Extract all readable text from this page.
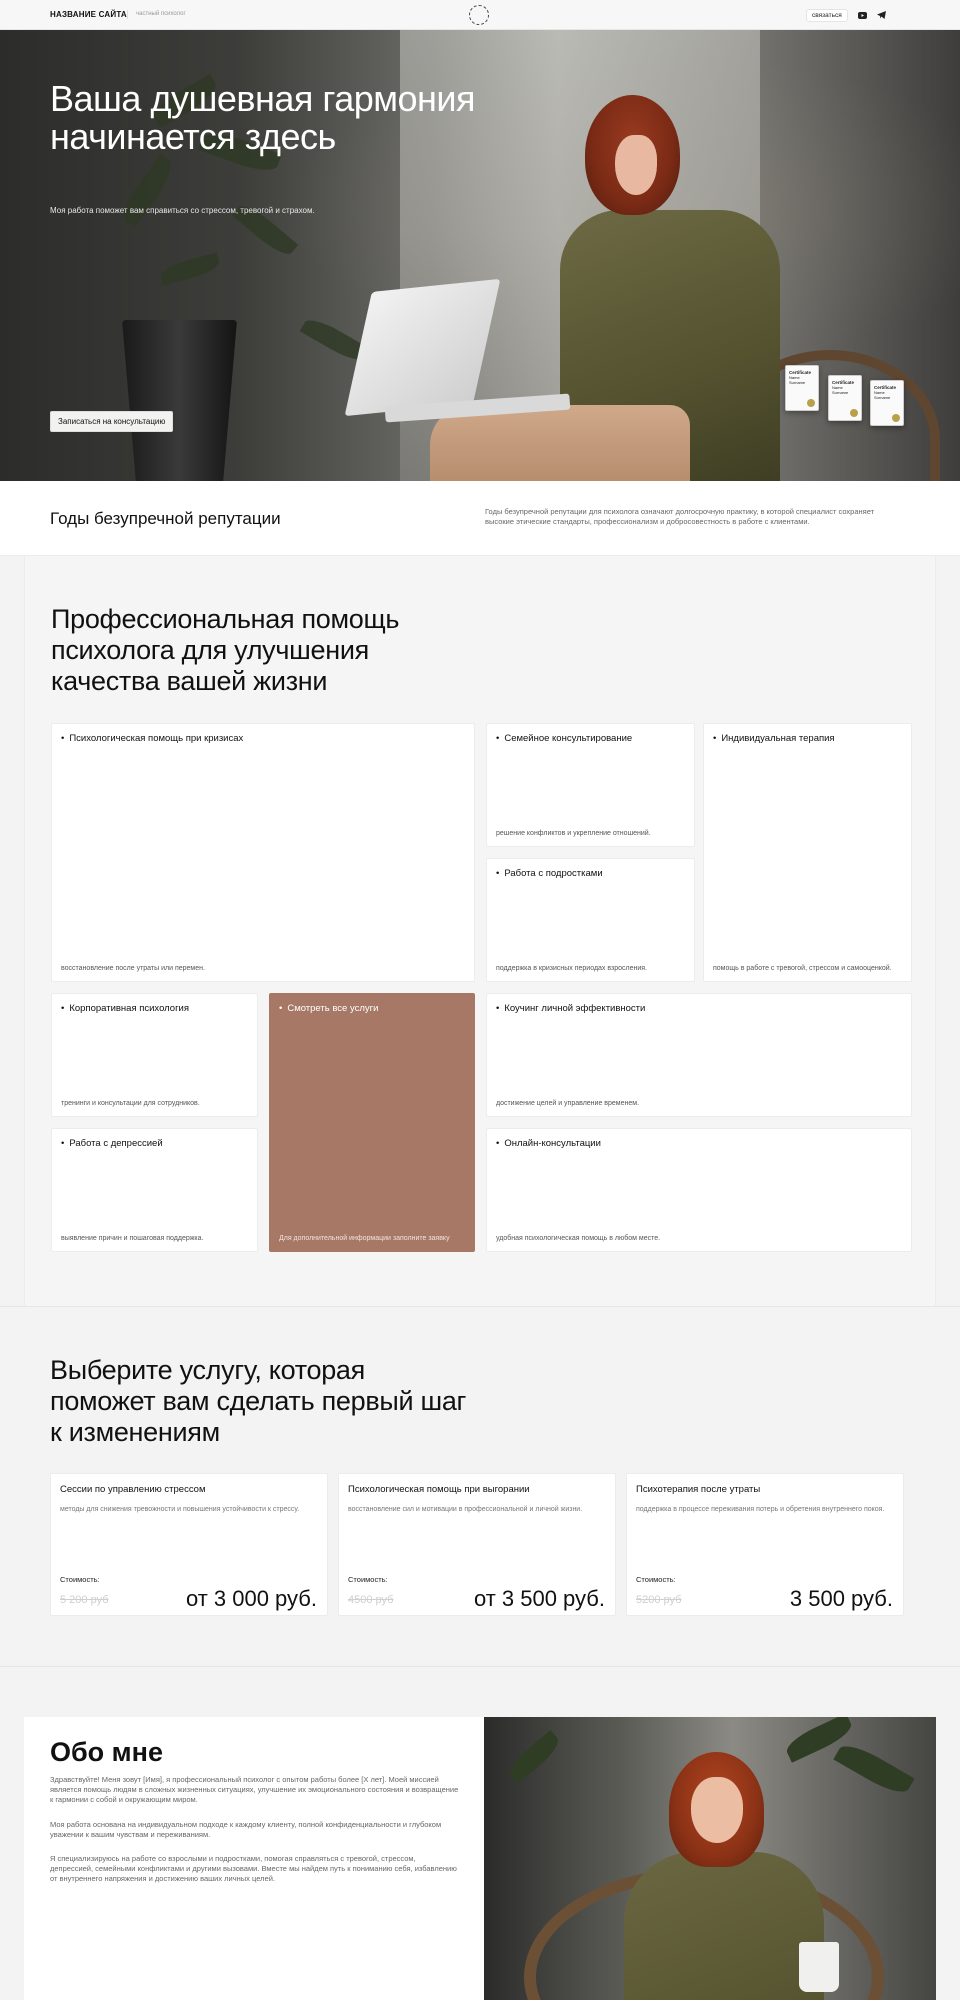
НАЗВАНИЕ САЙТА	частный психолог	связаться
Certificate
Name Surname	Certificate
Name Surname
Certificate
Name Surname
Ваша душевная гармония начинается здесь
Моя работа поможет вам справиться со стрессом, тревогой и страхом.
Записаться на консультацию
Годы безупречной репутации	Годы безупречной репутации для психолога означают долгосрочную практику, в которой специалист сохраняет высокие этические стандарты, профессионализм и добросовестность в работе с клиентами.
Профессиональная помощь психолога для улучшения качества вашей жизни
• Психологическая помощь при кризисах
восстановление после утраты или перемен.
• Семейное консультирование
решение конфликтов и укрепление отношений.
• Индивидуальная терапия
помощь в работе с тревогой, стрессом и самооценкой.
• Работа с подростками
поддержка в кризисных периодах взросления.
• Корпоративная психология
тренинги и консультации для сотрудников.
• Смотреть все услуги
Для дополнительной информации заполните заявку
• Коучинг личной эффективности
достижение целей и управление временем.
• Работа с депрессией
выявление причин и пошаговая поддержка.
• Онлайн-консультации
удобная психологическая помощь в любом месте.
Выберите услугу, которая поможет вам сделать первый шаг к изменениям
Сессии по управлению стрессом
методы для снижения тревожности и повышения устойчивости к стрессу.
Стоимость:
5 200 руб	от 3 000 руб.
Психологическая помощь при выгорании
восстановление сил и мотивации в профессиональной и личной жизни.
Стоимость:
4500 руб	от 3 500 руб.
Психотерапия после утраты
поддержка в процессе переживания потерь и обретения внутреннего покоя.
Стоимость:
5200 руб	3 500 руб.
Обо мне

Здравствуйте! Меня зовут [Имя], я профессиональный психолог с опытом работы более [X лет]. Моей миссией является помощь людям в сложных жизненных ситуациях, улучшение их эмоционального состояния и возвращение к гармонии с собой и окружающим миром.

Моя работа основана на индивидуальном подходе к каждому клиенту, полной конфиденциальности и глубоком уважении к вашим чувствам и переживаниям.

Я специализируюсь на работе со взрослыми и подростками, помогая справляться с тревогой, стрессом, депрессией, семейными конфликтами и другими вызовами. Вместе мы найдем путь к пониманию себя, избавлению от внутреннего напряжения и достижению ваших личных целей.
